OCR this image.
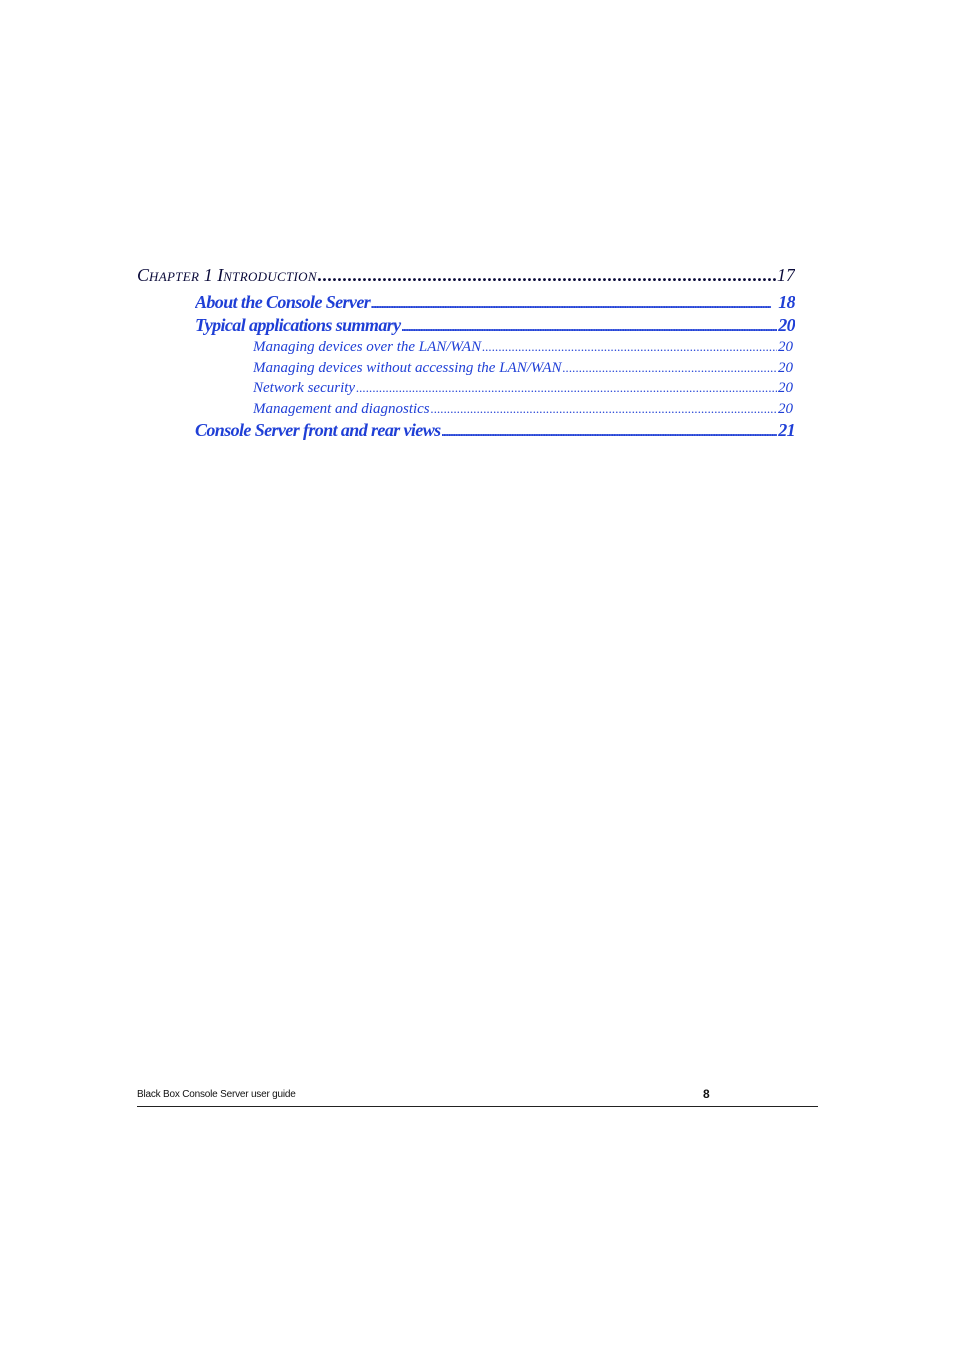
CHAPTER 1 INTRODUCTION . . .	17
About the Console Server . . .	18
Typical applications summary . . .	20
Managing devices over the LAN/WAN . . .	20
Managing devices without accessing the LAN/WAN . . .	20
Network security . . .	20
Management and diagnostics . . .	20
Console Server front and rear views . . .	21
Black Box Console Server user guide	8
